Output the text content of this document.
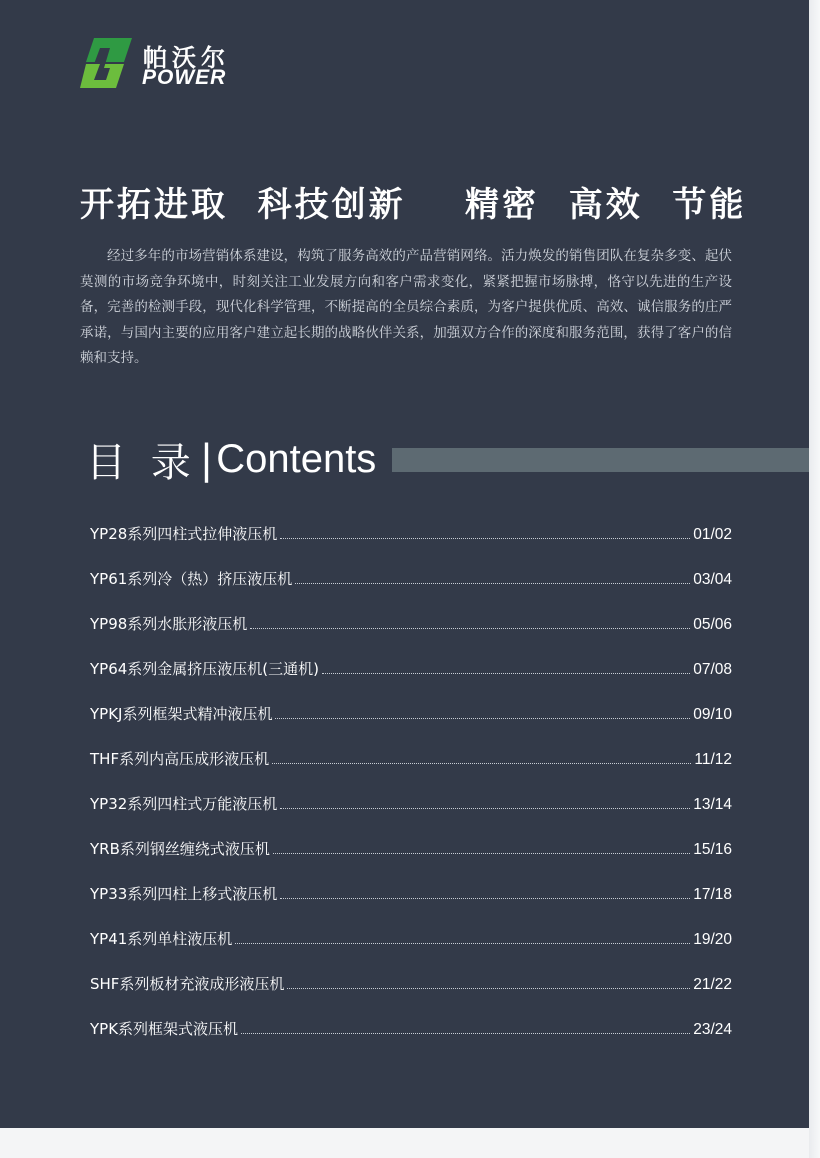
帕沃尔
POWER
开拓进取  科技创新    精密  高效  节能

经过多年的市场营销体系建设，构筑了服务高效的产品营销网络。活力焕发的销售团队在复杂多变、起伏莫测的市场竞争环境中，时刻关注工业发展方向和客户需求变化，紧紧把握市场脉搏，恪守以先进的生产设备，完善的检测手段，现代化科学管理，不断提高的全员综合素质，为客户提供优质、高效、诚信服务的庄严承诺，与国内主要的应用客户建立起长期的战略伙伴关系，加强双方合作的深度和服务范围，获得了客户的信赖和支持。

目 录|Contents
YP28系列四柱式拉伸液压机	01/02
YP61系列冷（热）挤压液压机	03/04
YP98系列水胀形液压机	05/06
YP64系列金属挤压液压机(三通机)	07/08
YPKJ系列框架式精冲液压机	09/10
THF系列内高压成形液压机	11/12
YP32系列四柱式万能液压机	13/14
YRB系列钢丝缠绕式液压机	15/16
YP33系列四柱上移式液压机	17/18
YP41系列单柱液压机	19/20
SHF系列板材充液成形液压机	21/22
YPK系列框架式液压机	23/24
